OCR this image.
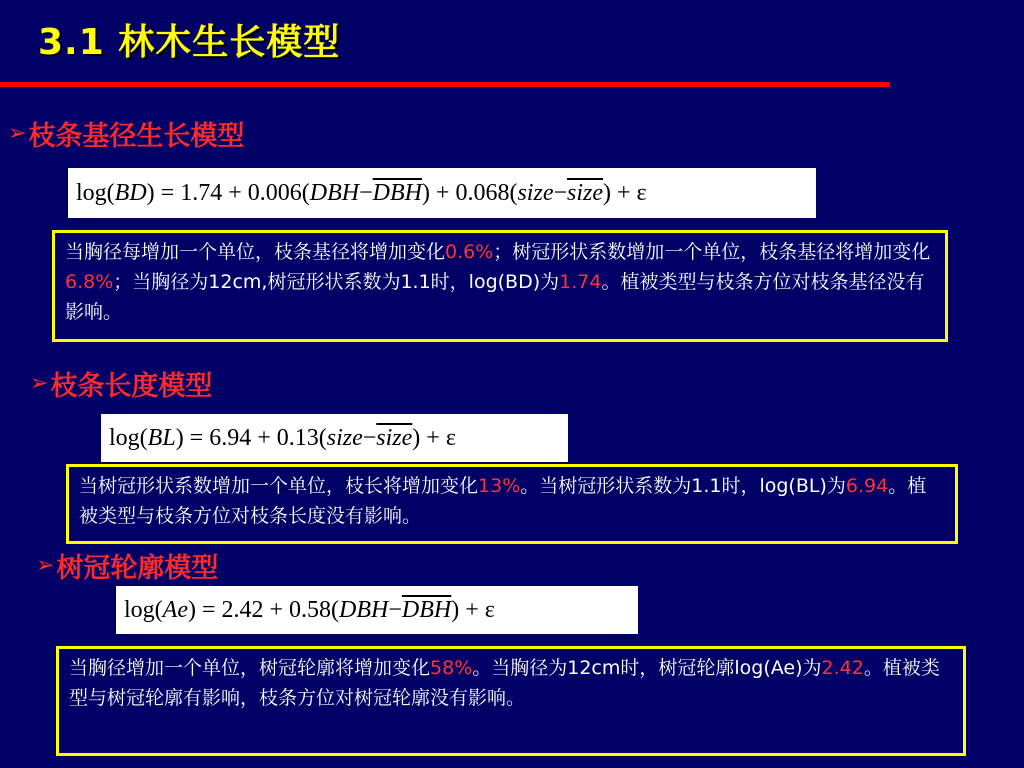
3.1 林木生长模型
➢ 枝条基径生长模型
log( BD ) = 1.74 + 0.006( DBH − $\overline{DBH}$ ) + 0.068( size − size ) + ε
当胸径每增加一个单位，枝条基径将增加变化0.6%；树冠形状系数增加一个单位，枝条基径将增加变化6.8%；当胸径为12cm,树冠形状系数为1.1时，log(BD)为1.74。植被类型与枝条方位对枝条基径没有影响。
➢ 枝条长度模型
log( BL ) = 6.94 + 0.13( size − size ) + ε
当树冠形状系数增加一个单位，枝长将增加变化13%。当树冠形状系数为1.1时，log(BL)为6.94。植被类型与枝条方位对枝条长度没有影响。
➢ 树冠轮廓模型
log( Ae ) = 2.42 + 0.58( DBH − $\overline{DBH}$ ) + ε
当胸径增加一个单位，树冠轮廓将增加变化58%。当胸径为12cm时，树冠轮廓log(Ae)为2.42。植被类型与树冠轮廓有影响，枝条方位对树冠轮廓没有影响。
